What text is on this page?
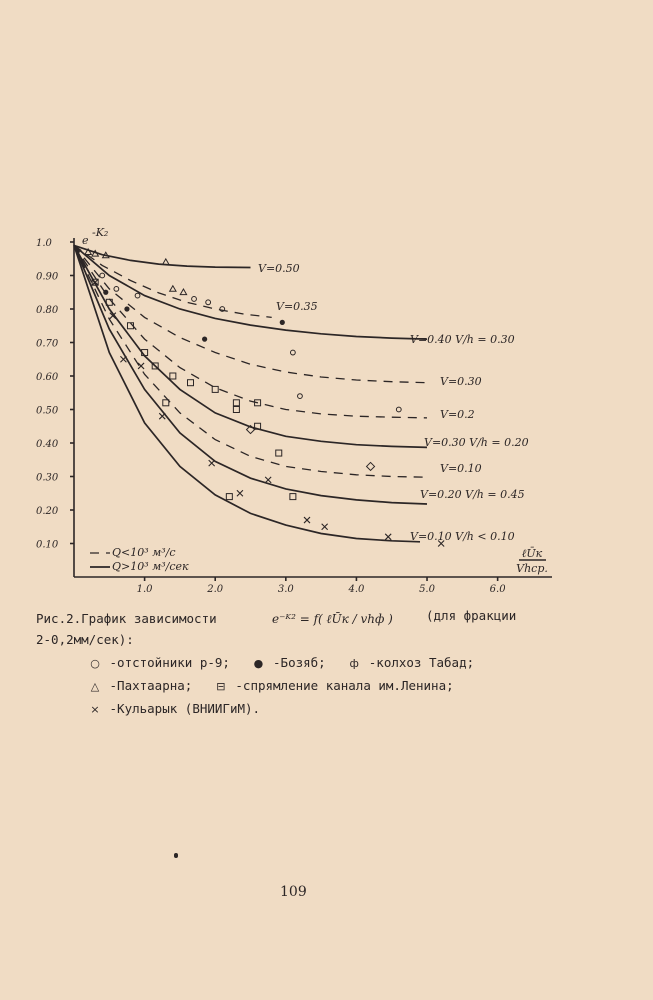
0.10
0.20
0.30
0.40
0.50
0.60
0.70
0.80
0.90
1.0
1.0	2.0	3.0	4.0	5.0	6.0
e
-K₂
ℓŪк
Vhср.
V=0.50
V=0.35
V=0.40 V/h = 0.30
V=0.30
V=0.2
V=0.30 V/h = 0.20
V=0.10
V=0.20 V/h = 0.45
V=0.10 V/h < 0.10
Q<10³ м³/с
Q>10³ м³/сек
Рис.2.График зависимости
2-0,2мм/сек):
e⁻ᴷ² = f( ℓŪк / vhф )	(для фракции
○ -отстойники р-9; ● -Бозяб; ф -колхоз Табад;
△ -Пахтаарна; ⊟ -спрямление канала им.Ленина;
× -Кульарык (ВНИИГиМ).
109
